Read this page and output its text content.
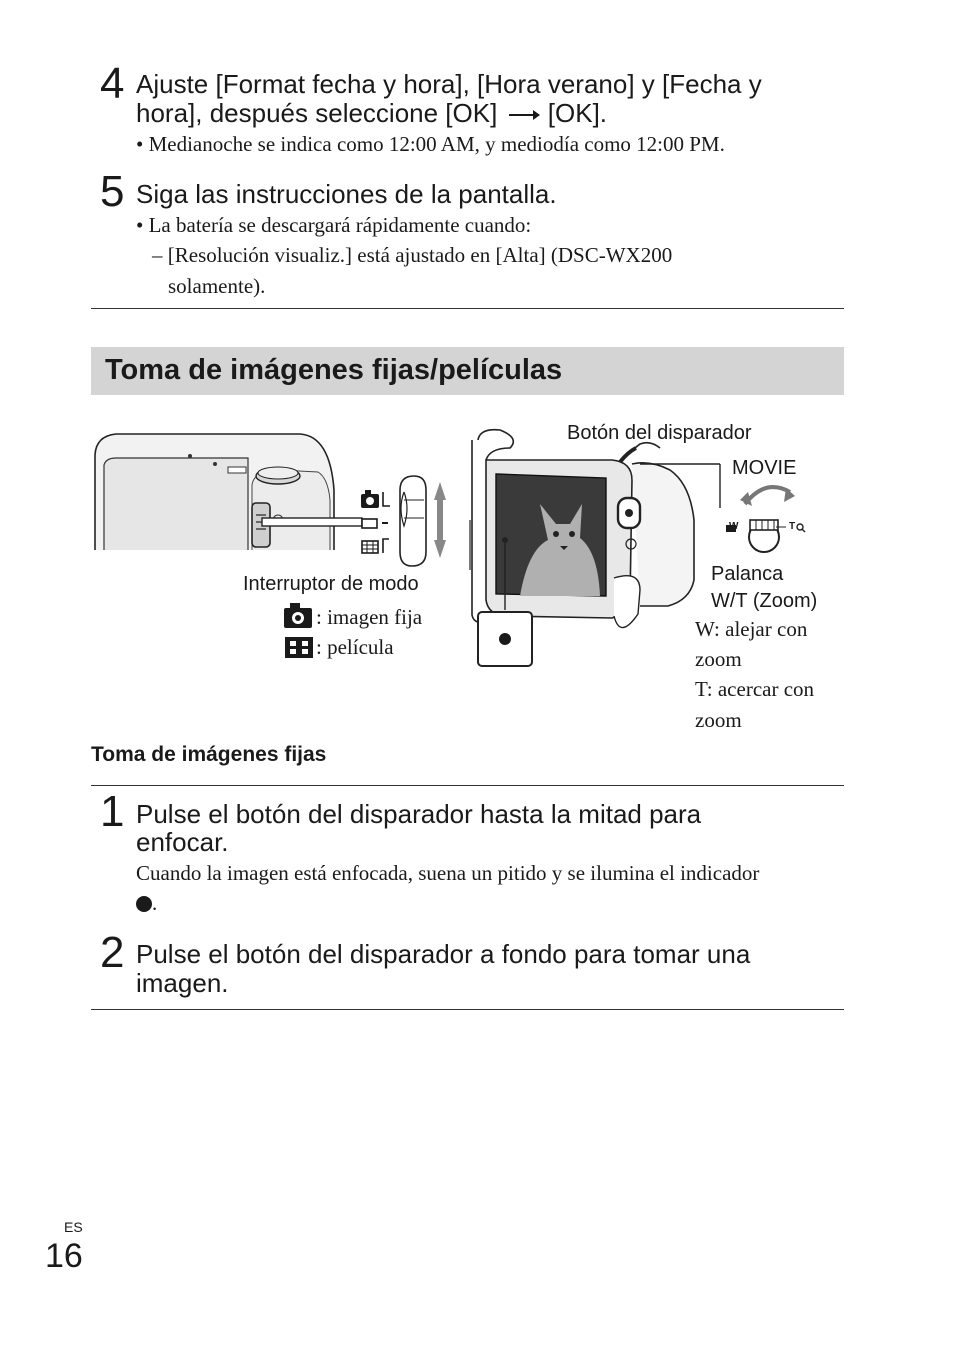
4 Ajuste [Format fecha y hora], [Hora verano] y [Fecha y
hora], después seleccione [OK] [OK].
• Medianoche se indica como 12:00 AM, y mediodía como 12:00 PM.
5 Siga las instrucciones de la pantalla.
• La batería se descargará rápidamente cuando:
– [Resolución visualiz.] está ajustado en [Alta] (DSC-WX200
solamente).
Toma de imágenes fijas/películas
Botón del disparador
MOVIE
W	T
Interruptor de modo
: imagen fija
: película
Palanca
W/T (Zoom)
W: alejar con
zoom
T: acercar con
zoom
Toma de imágenes fijas
1 Pulse el botón del disparador hasta la mitad para
enfocar.
Cuando la imagen está enfocada, suena un pitido y se ilumina el indicador
.
2 Pulse el botón del disparador a fondo para tomar una
imagen.
ES
16
